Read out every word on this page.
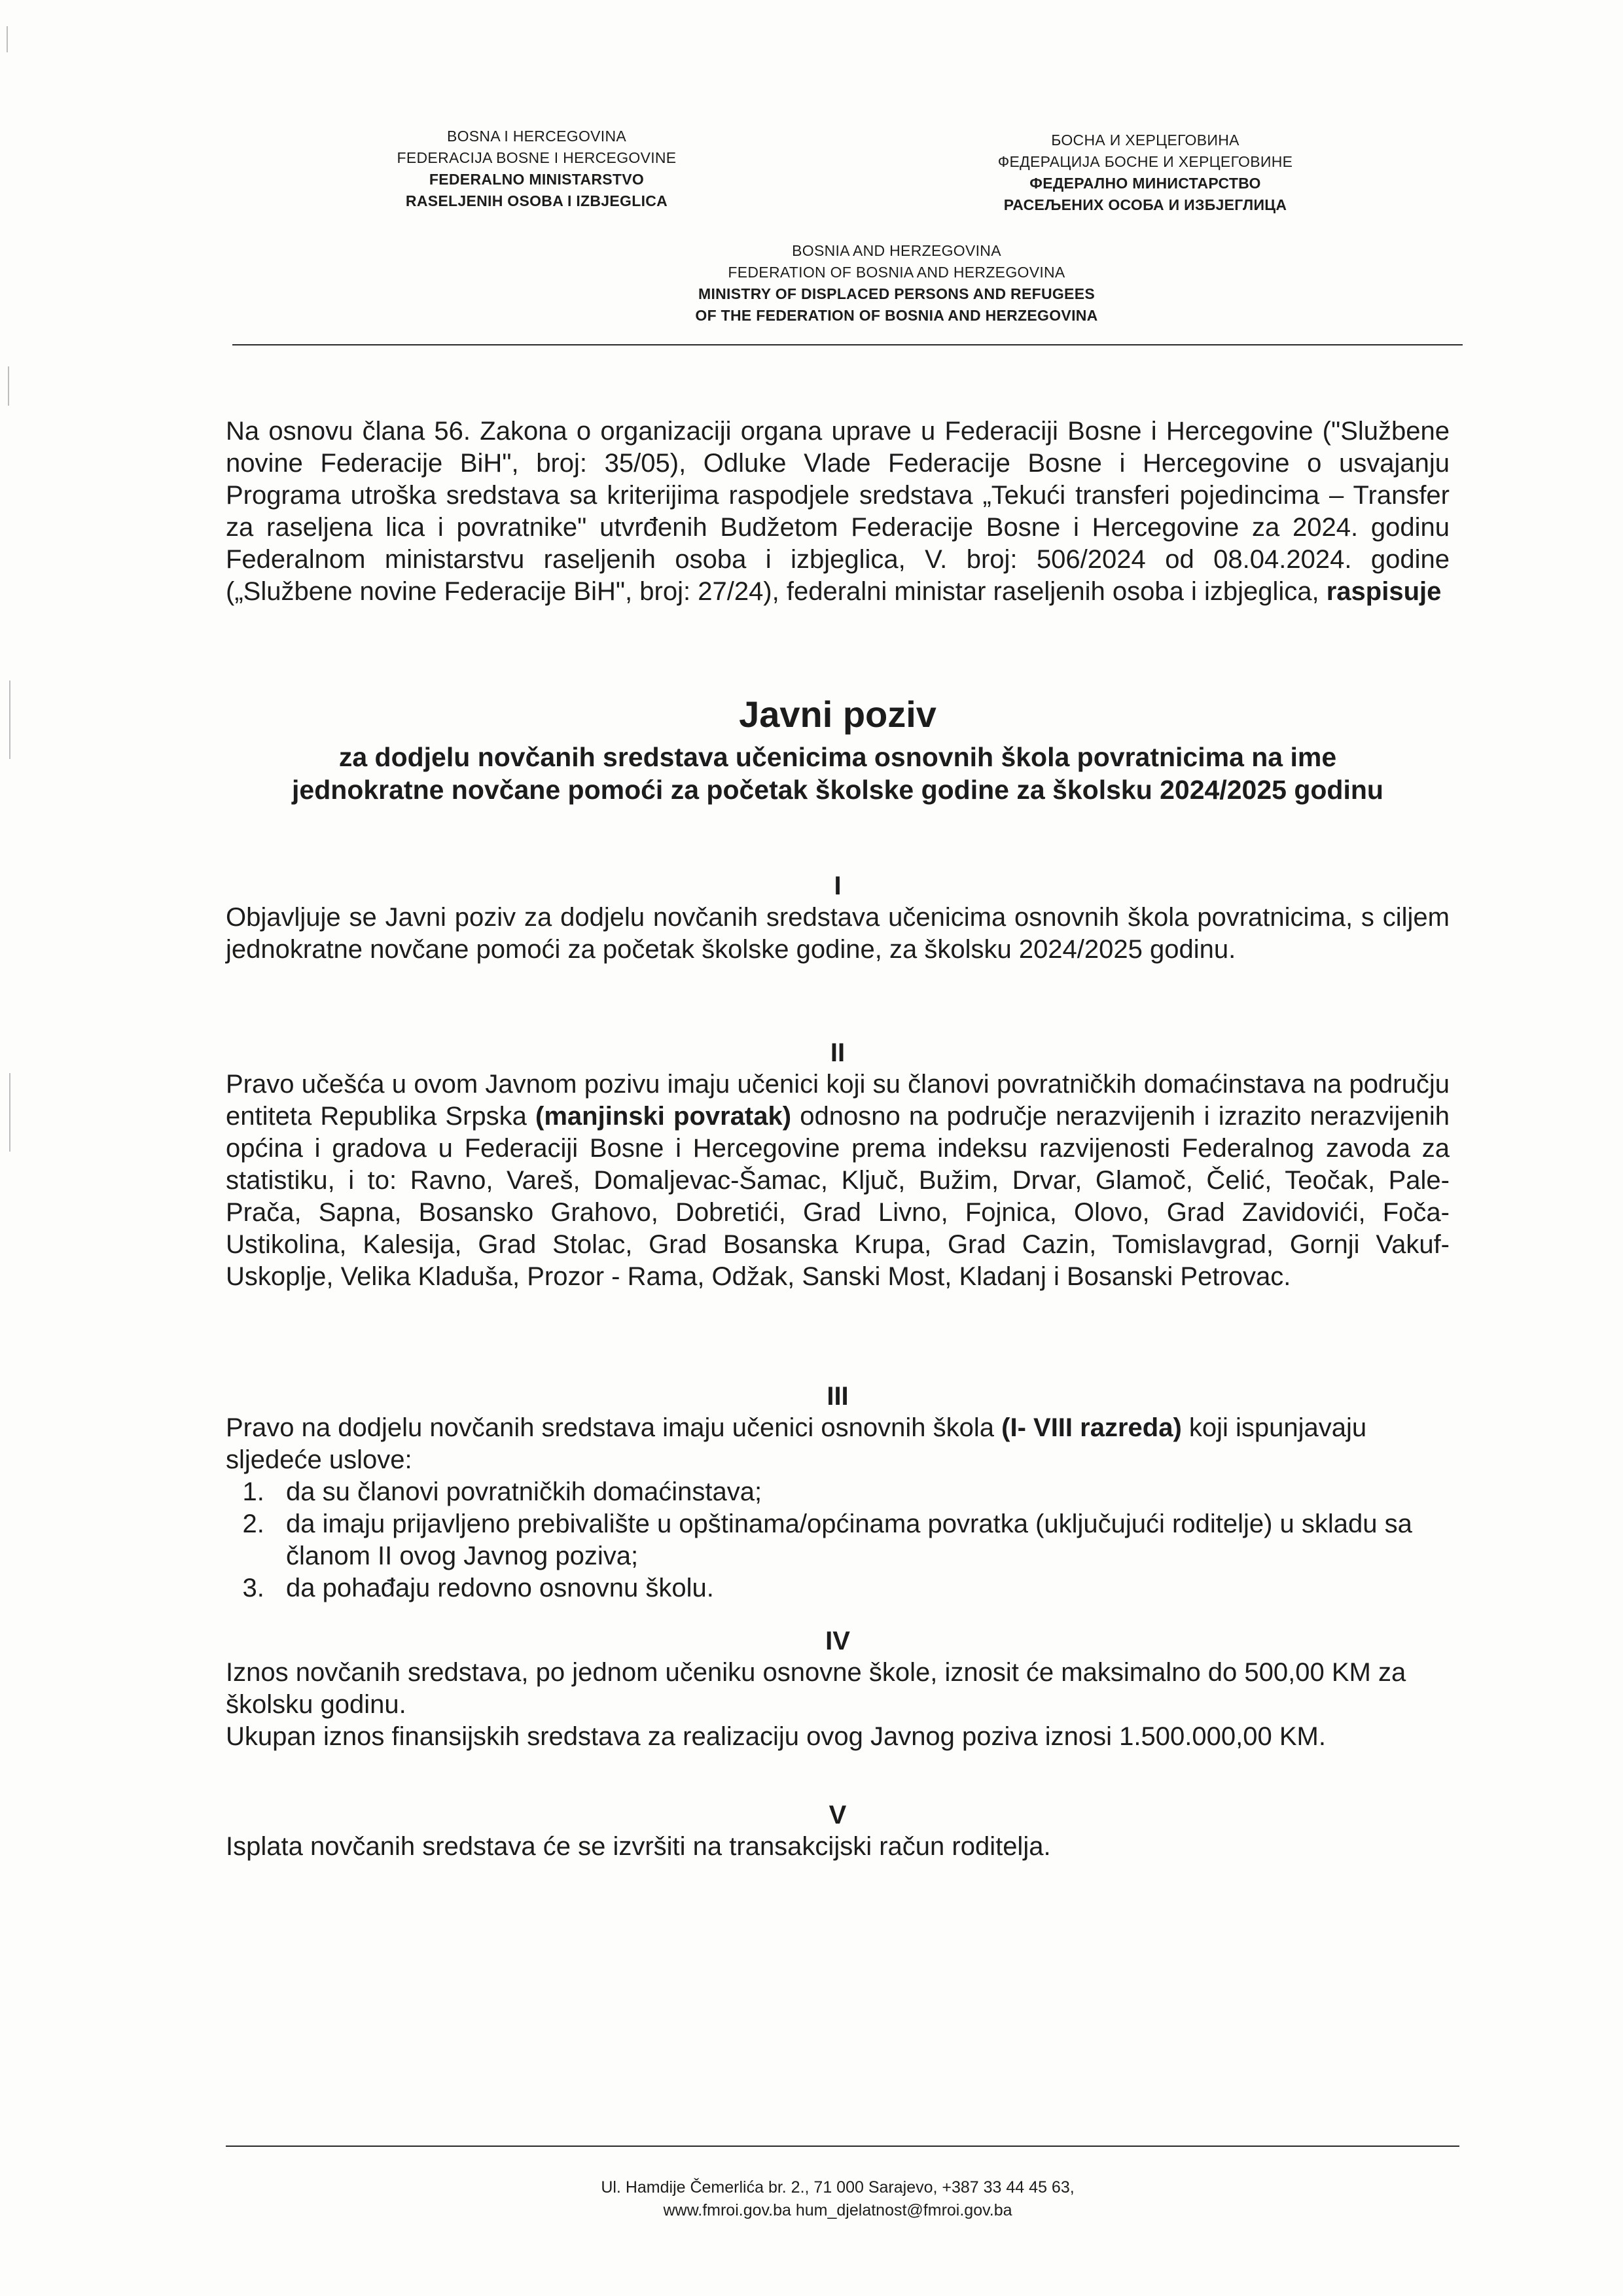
BOSNA I HERCEGOVINA
FEDERACIJA BOSNE I HERCEGOVINE
FEDERALNO MINISTARSTVO
RASELJENIH OSOBA I IZBJEGLICA
БОСНА И ХЕРЦЕГОВИНА
ФЕДЕРАЦИЈА БОСНЕ И ХЕРЦЕГОВИНЕ
ФЕДЕРАЛНО МИНИСТАРСТВО
РАСЕЉЕНИХ ОСОБА И ИЗБЈЕГЛИЦА
BOSNIA AND HERZEGOVINA
FEDERATION OF BOSNIA AND HERZEGOVINA
MINISTRY OF DISPLACED PERSONS AND REFUGEES
OF THE FEDERATION OF BOSNIA AND HERZEGOVINA
Na osnovu člana 56. Zakona o organizaciji organa uprave u Federaciji Bosne i Hercegovine ("Službene novine Federacije BiH", broj: 35/05), Odluke Vlade Federacije Bosne i Hercegovine o usvajanju Programa utroška sredstava sa kriterijima raspodjele sredstava „Tekući transferi pojedincima – Transfer za raseljena lica i povratnike" utvrđenih Budžetom Federacije Bosne i Hercegovine za 2024. godinu Federalnom ministarstvu raseljenih osoba i izbjeglica, V. broj: 506/2024 od 08.04.2024. godine („Službene novine Federacije BiH", broj: 27/24), federalni ministar raseljenih osoba i izbjeglica, raspisuje
Javni poziv
za dodjelu novčanih sredstava učenicima osnovnih škola povratnicima na ime
jednokratne novčane pomoći za početak školske godine za školsku 2024/2025 godinu
I
Objavljuje se Javni poziv za dodjelu novčanih sredstava učenicima osnovnih škola povratnicima, s ciljem jednokratne novčane pomoći za početak školske godine, za školsku 2024/2025 godinu.
II
Pravo učešća u ovom Javnom pozivu imaju učenici koji su članovi povratničkih domaćinstava na području entiteta Republika Srpska (manjinski povratak) odnosno na područje nerazvijenih i izrazito nerazvijenih općina i gradova u Federaciji Bosne i Hercegovine prema indeksu razvijenosti Federalnog zavoda za statistiku, i to: Ravno, Vareš, Domaljevac-Šamac, Ključ, Bužim, Drvar, Glamoč, Čelić, Teočak, Pale-Prača, Sapna, Bosansko Grahovo, Dobretići, Grad Livno, Fojnica, Olovo, Grad Zavidovići, Foča-Ustikolina, Kalesija, Grad Stolac, Grad Bosanska Krupa, Grad Cazin, Tomislavgrad, Gornji Vakuf-Uskoplje, Velika Kladuša, Prozor - Rama, Odžak, Sanski Most, Kladanj i Bosanski Petrovac.
III
Pravo na dodjelu novčanih sredstava imaju učenici osnovnih škola (I- VIII razreda) koji ispunjavaju sljedeće uslove:
1. da su članovi povratničkih domaćinstava;
2. da imaju prijavljeno prebivalište u opštinama/općinama povratka (uključujući roditelje) u skladu sa članom II ovog Javnog poziva;
3. da pohađaju redovno osnovnu školu.
IV
Iznos novčanih sredstava, po jednom učeniku osnovne škole, iznosit će maksimalno do 500,00 KM za školsku godinu.
Ukupan iznos finansijskih sredstava za realizaciju ovog Javnog poziva iznosi 1.500.000,00 KM.
V
Isplata novčanih sredstava će se izvršiti na transakcijski račun roditelja.
Ul. Hamdije Čemerlića br. 2., 71 000 Sarajevo, +387 33 44 45 63,
www.fmroi.gov.ba hum_djelatnost@fmroi.gov.ba
